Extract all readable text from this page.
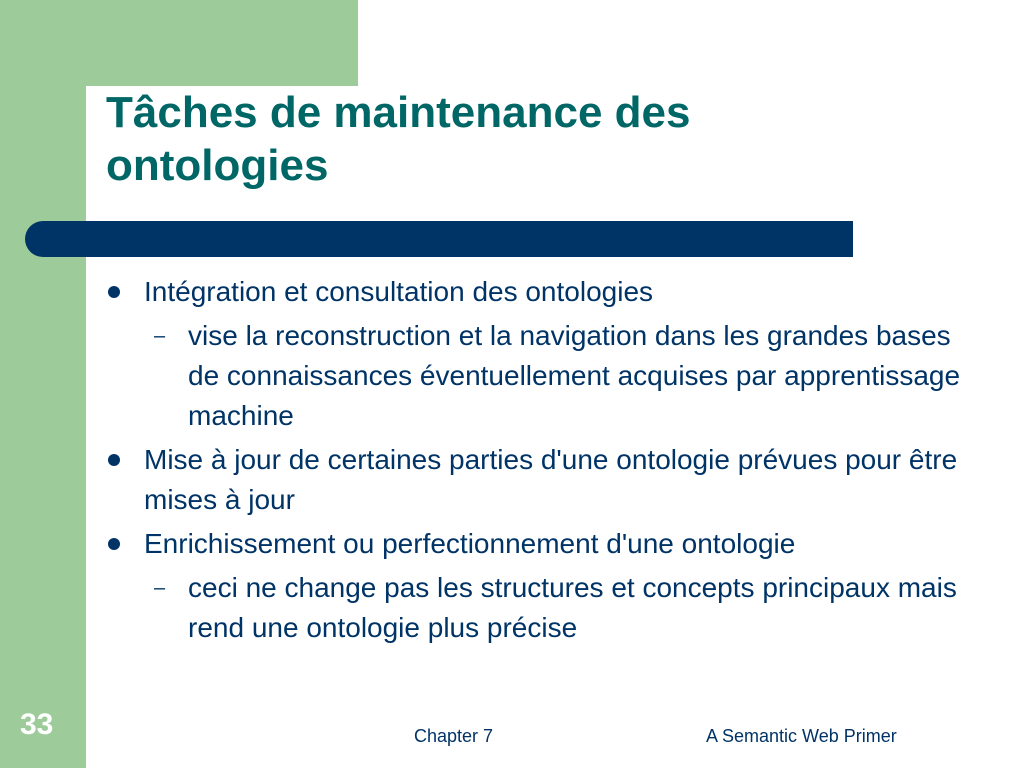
Tâches de maintenance des
ontologies
Intégration et consultation des ontologies
– vise la reconstruction et la navigation dans les grandes bases de connaissances éventuellement acquises par apprentissage machine
Mise à jour de certaines parties d'une ontologie prévues pour être mises à jour
Enrichissement ou perfectionnement d'une ontologie
– ceci ne change pas les structures et concepts principaux mais rend une ontologie plus précise
33	Chapter 7	A Semantic Web Primer
